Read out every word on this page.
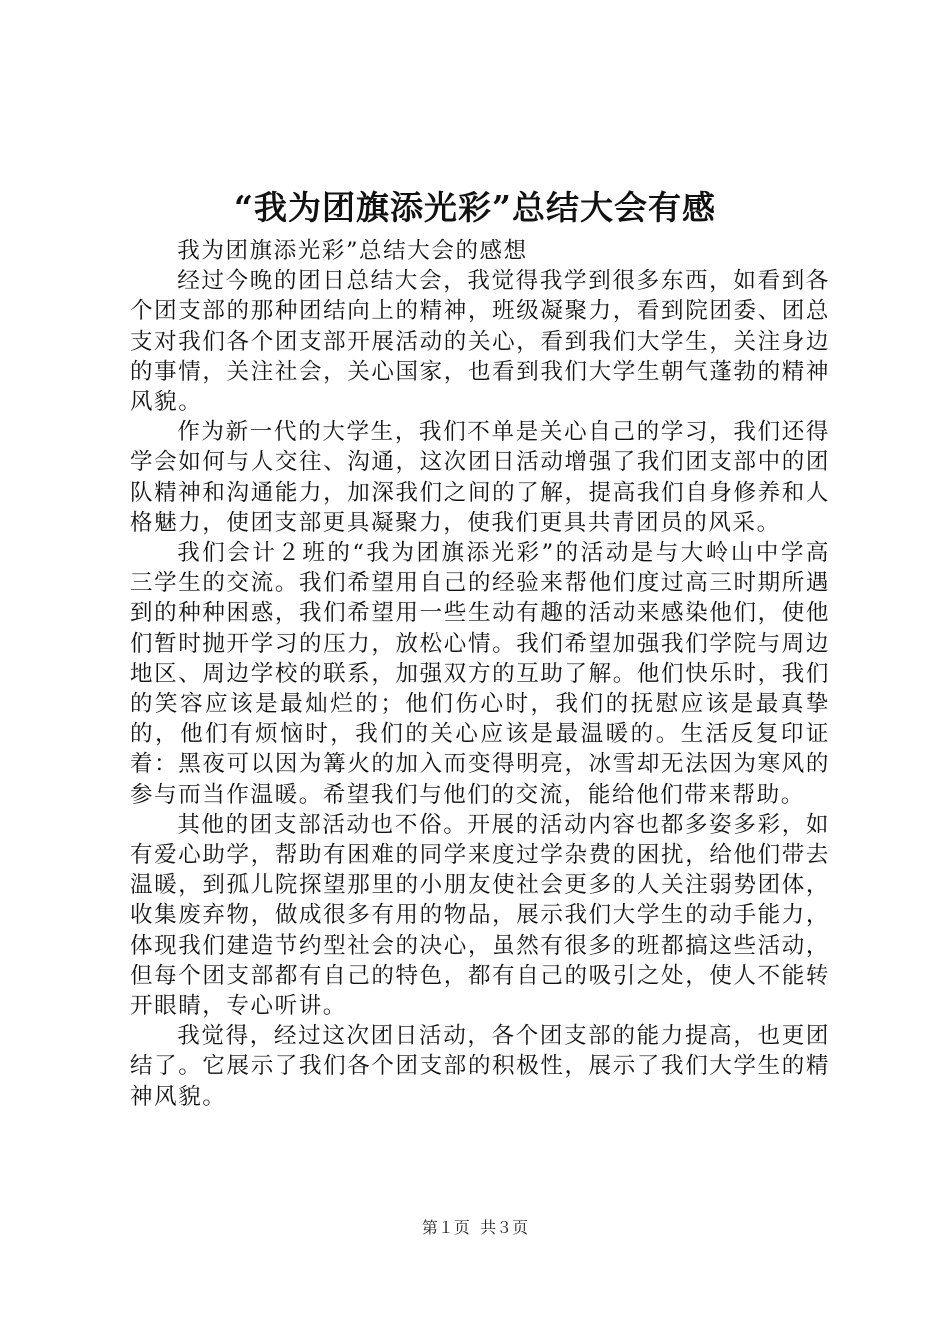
“我为团旗添光彩”总结大会有感

我为团旗添光彩”总结大会的感想

经过今晚的团日总结大会，我觉得我学到很多东西，如看到各个团支部的那种团结向上的精神，班级凝聚力，看到院团委、团总支对我们各个团支部开展活动的关心，看到我们大学生，关注身边的事情，关注社会，关心国家，也看到我们大学生朝气蓬勃的精神风貌。

作为新一代的大学生，我们不单是关心自己的学习，我们还得学会如何与人交往、沟通，这次团日活动增强了我们团支部中的团队精神和沟通能力，加深我们之间的了解，提高我们自身修养和人格魅力，使团支部更具凝聚力，使我们更具共青团员的风采。

我们会计２班的“我为团旗添光彩”的活动是与大岭山中学高三学生的交流。我们希望用自己的经验来帮他们度过高三时期所遇到的种种困惑，我们希望用一些生动有趣的活动来感染他们，使他们暂时抛开学习的压力，放松心情。我们希望加强我们学院与周边地区、周边学校的联系，加强双方的互助了解。他们快乐时，我们的笑容应该是最灿烂的；他们伤心时，我们的抚慰应该是最真挚的，他们有烦恼时，我们的关心应该是最温暖的。生活反复印证着：黑夜可以因为篝火的加入而变得明亮，冰雪却无法因为寒风的参与而当作温暖。希望我们与他们的交流，能给他们带来帮助。

其他的团支部活动也不俗。开展的活动内容也都多姿多彩，如有爱心助学，帮助有困难的同学来度过学杂费的困扰，给他们带去温暖，到孤儿院探望那里的小朋友使社会更多的人关注弱势团体，收集废弃物，做成很多有用的物品，展示我们大学生的动手能力，体现我们建造节约型社会的决心，虽然有很多的班都搞这些活动，但每个团支部都有自己的特色，都有自己的吸引之处，使人不能转开眼睛，专心听讲。

我觉得，经过这次团日活动，各个团支部的能力提高，也更团结了。它展示了我们各个团支部的积极性，展示了我们大学生的精神风貌。

第１页  共３页
